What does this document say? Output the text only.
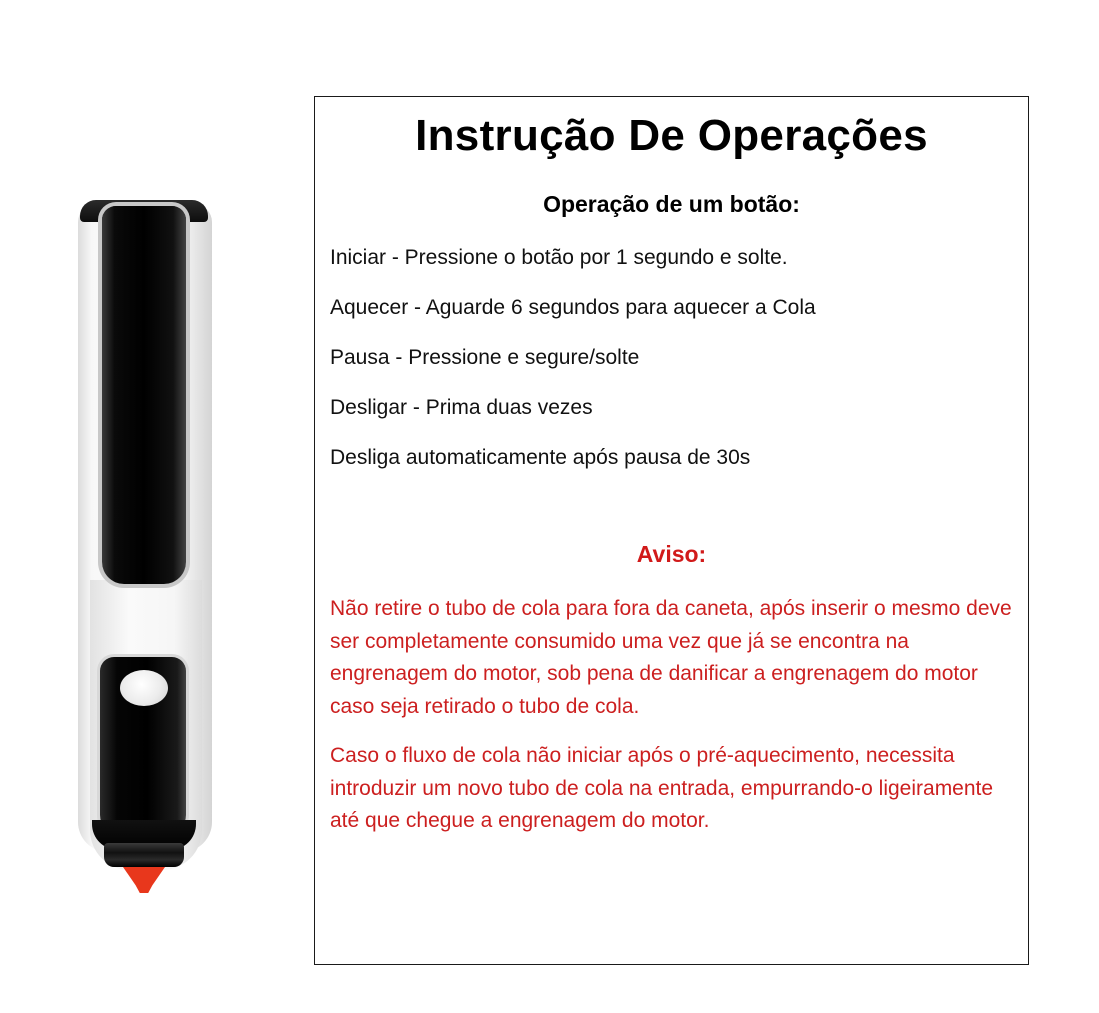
Instrução De Operações
Operação de um botão:
Iniciar - Pressione o botão por 1 segundo e solte.
Aquecer - Aguarde 6 segundos para aquecer a Cola
Pausa - Pressione e segure/solte
Desligar - Prima duas vezes
Desliga automaticamente após pausa de 30s
Aviso:

Não retire o tubo de cola para fora da caneta, após inserir o mesmo deve ser completamente consumido uma vez que já se encontra na engrenagem do motor, sob pena de danificar a engrenagem do motor caso seja retirado o tubo de cola.

Caso o fluxo de cola não iniciar após o pré-aquecimento, necessita introduzir um novo tubo de cola na entrada, empurrando-o ligeiramente até que chegue a engrenagem do motor.
